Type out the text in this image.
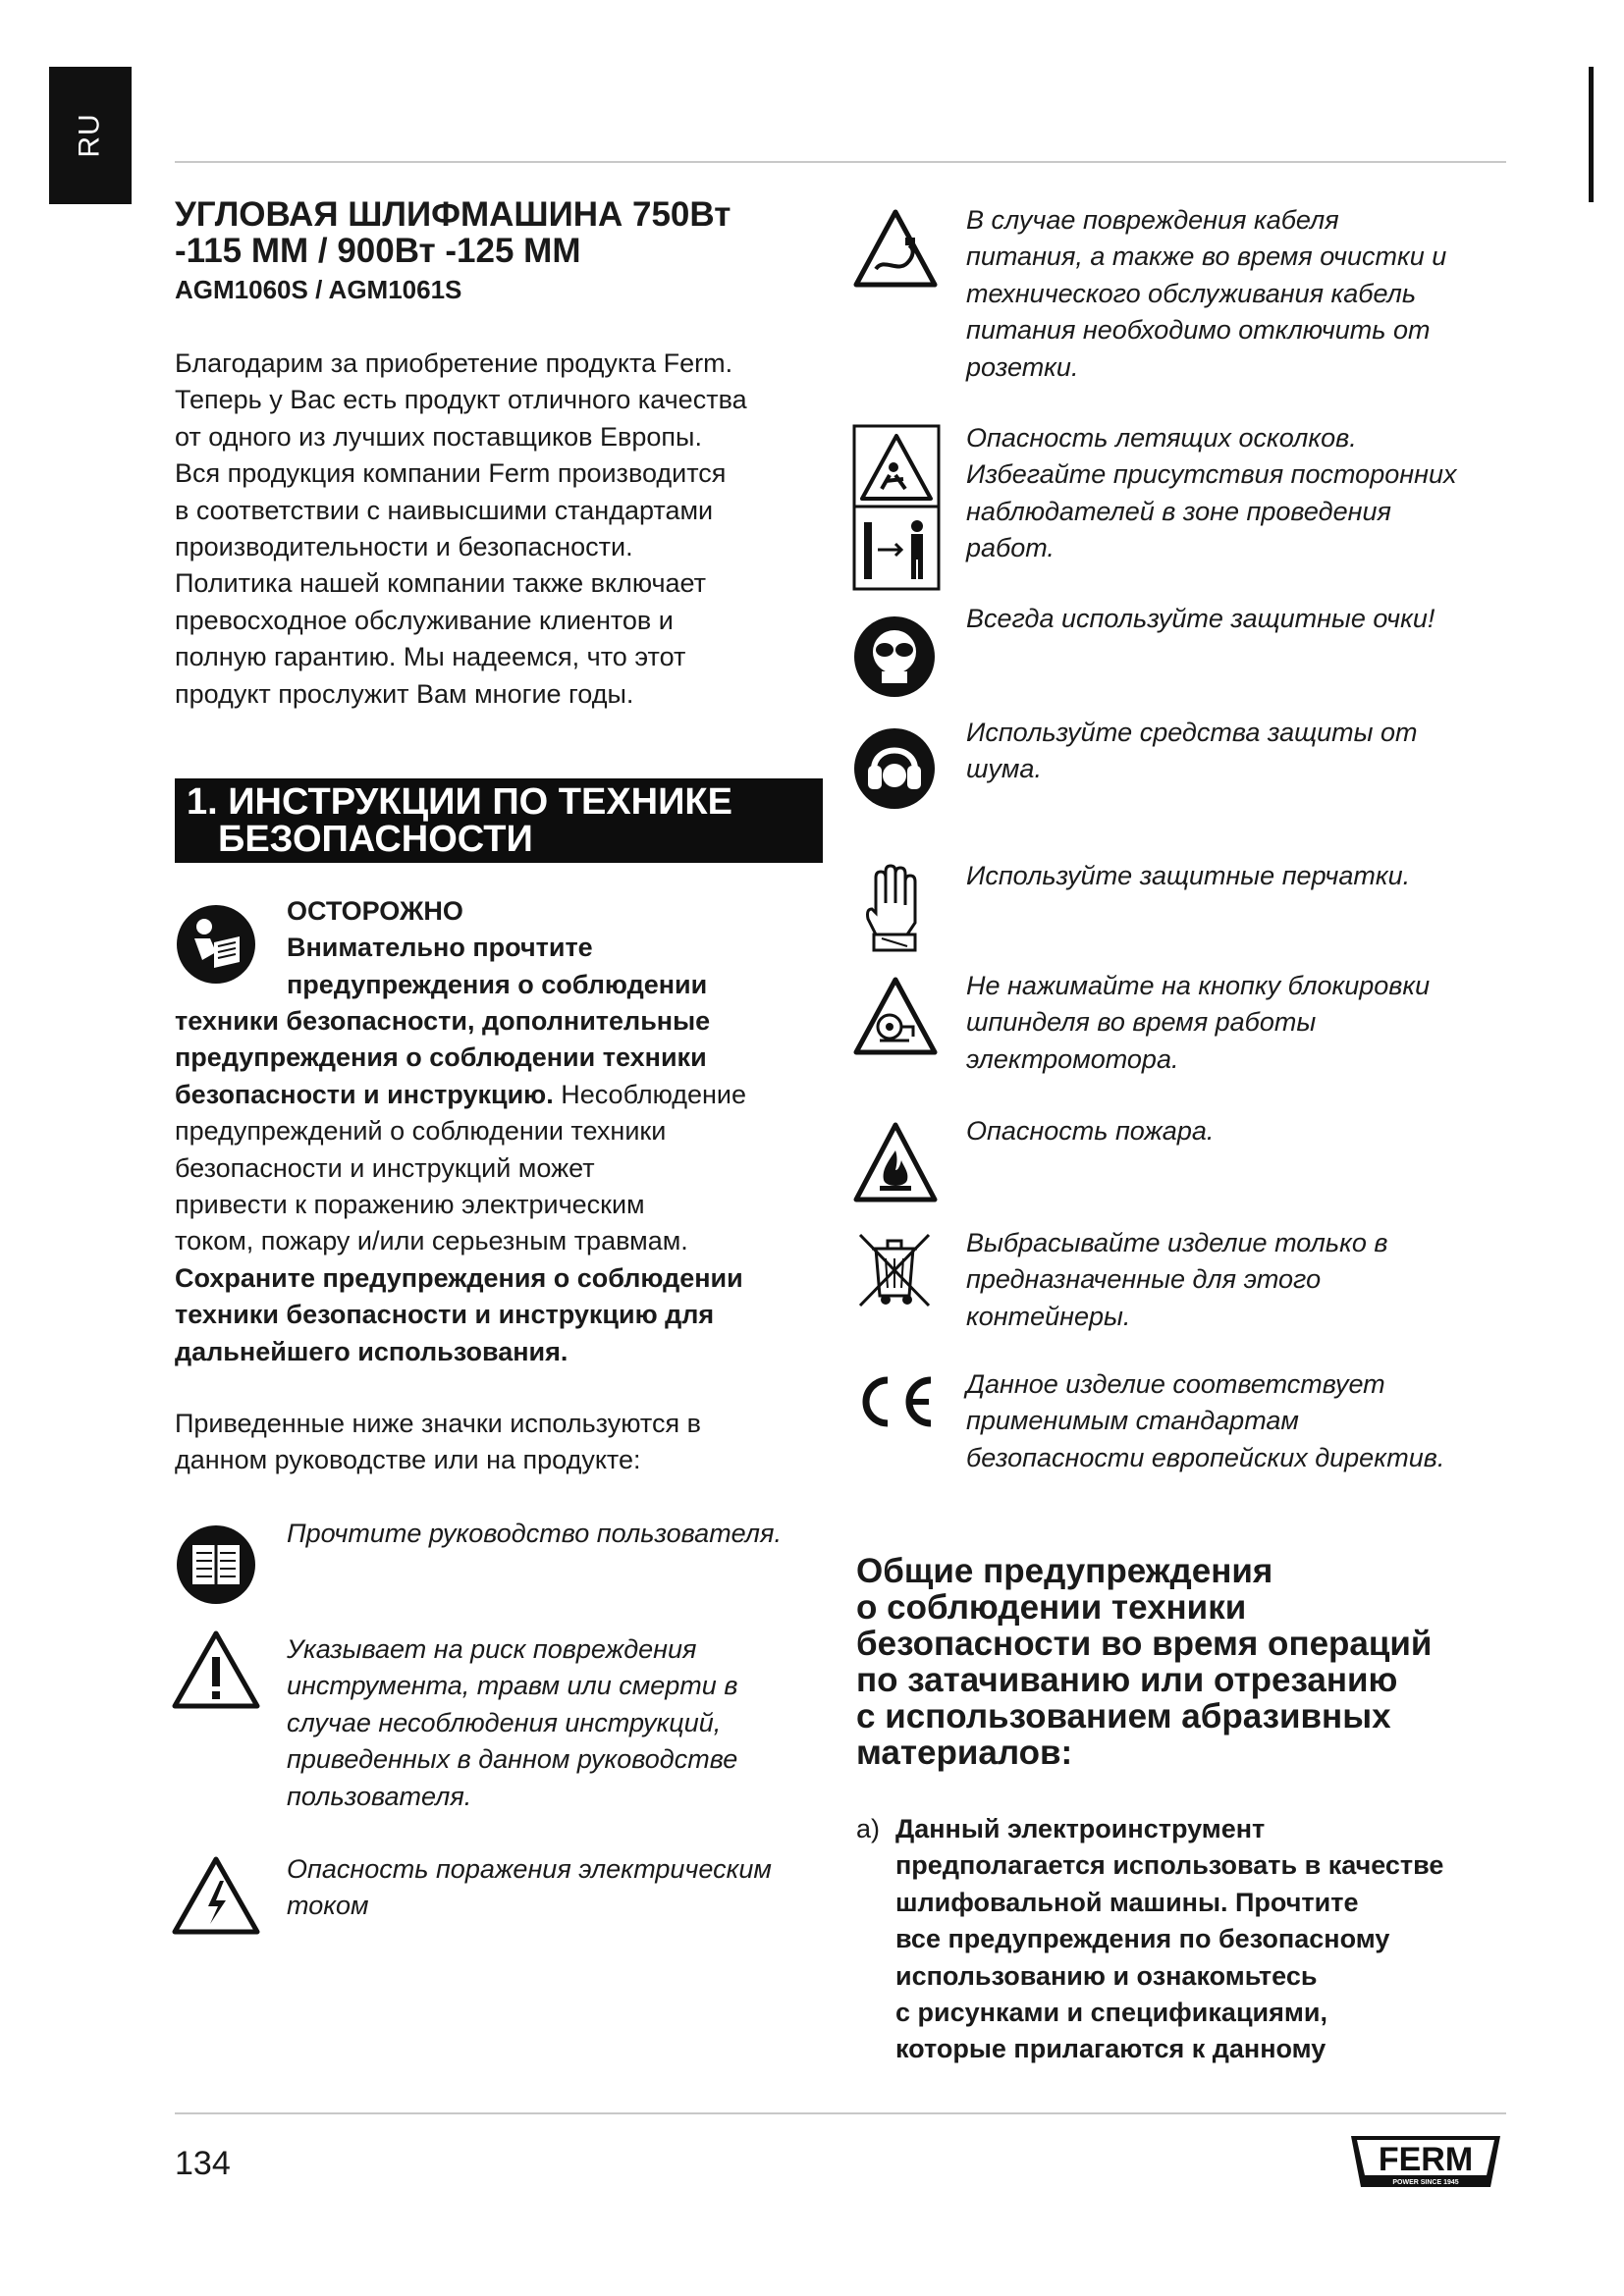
RU
УГЛОВАЯ ШЛИФМАШИНА 750Вт
-115 ММ / 900Вт -125 ММ
AGM1060S / AGM1061S
Благодарим за приобретение продукта Ferm.
Теперь у Вас есть продукт отличного качества
от одного из лучших поставщиков Европы.
Вся продукция компании Ferm производится
в соответствии с наивысшими стандартами
производительности и безопасности.
Политика нашей компании также включает
превосходное обслуживание клиентов и
полную гарантию. Мы надеемся, что этот
продукт прослужит Вам многие годы.
1. ИНСТРУКЦИИ ПО ТЕХНИКЕ
БЕЗОПАСНОСТИ
ОСТОРОЖНО
Внимательно прочтите
предупреждения о соблюдении
техники безопасности, дополнительные
предупреждения о соблюдении техники
безопасности и инструкцию. Несоблюдение
предупреждений о соблюдении техники
безопасности и инструкций может
привести к поражению электрическим
током, пожару и/или серьезным травмам.
Сохраните предупреждения о соблюдении
техники безопасности и инструкцию для
дальнейшего использования.
Приведенные ниже значки используются в
данном руководстве или на продукте:
Прочтите руководство пользователя.
Указывает на риск повреждения
инструмента, травм или смерти в
случае несоблюдения инструкций,
приведенных в данном руководстве
пользователя.
Опасность поражения электрическим
током
В случае повреждения кабеля
питания, а также во время очистки и
технического обслуживания кабель
питания необходимо отключить от
розетки.
Опасность летящих осколков.
Избегайте присутствия посторонних
наблюдателей в зоне проведения
работ.
Всегда используйте защитные очки!
Используйте средства защиты от
шума.
Используйте защитные перчатки.
Не нажимайте на кнопку блокировки
шпинделя во время работы
электромотора.
Опасность пожара.
Выбрасывайте изделие только в
предназначенные для этого
контейнеры.
Данное изделие соответствует
применимым стандартам
безопасности европейских директив.
Общие предупреждения
о соблюдении техники
безопасности во время операций
по затачиванию или отрезанию
с использованием абразивных
материалов:
a) Данный электроинструмент
предполагается использовать в качестве
шлифовальной машины. Прочтите
все предупреждения по безопасному
использованию и ознакомьтесь
с рисунками и спецификациями,
которые прилагаются к данному
134	FERM
POWER SINCE 1945
